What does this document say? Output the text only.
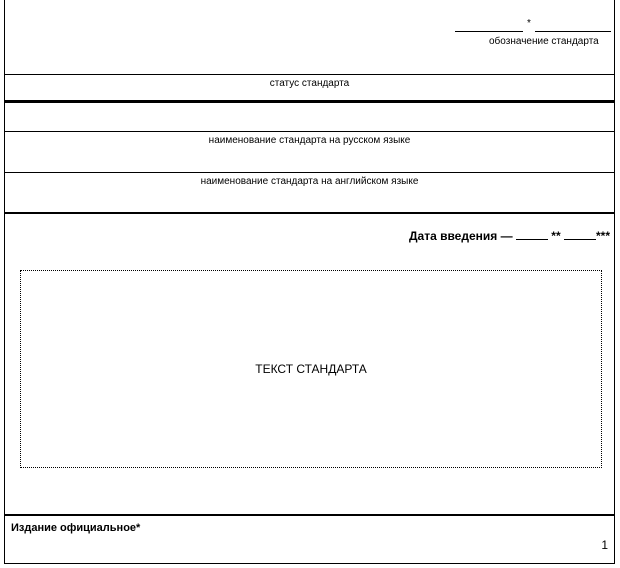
*
обозначение стандарта
статус стандарта
наименование стандарта на русском языке
наименование стандарта на английском языке
Дата введения —	**	***
ТЕКСТ СТАНДАРТА
Издание официальное*
1
